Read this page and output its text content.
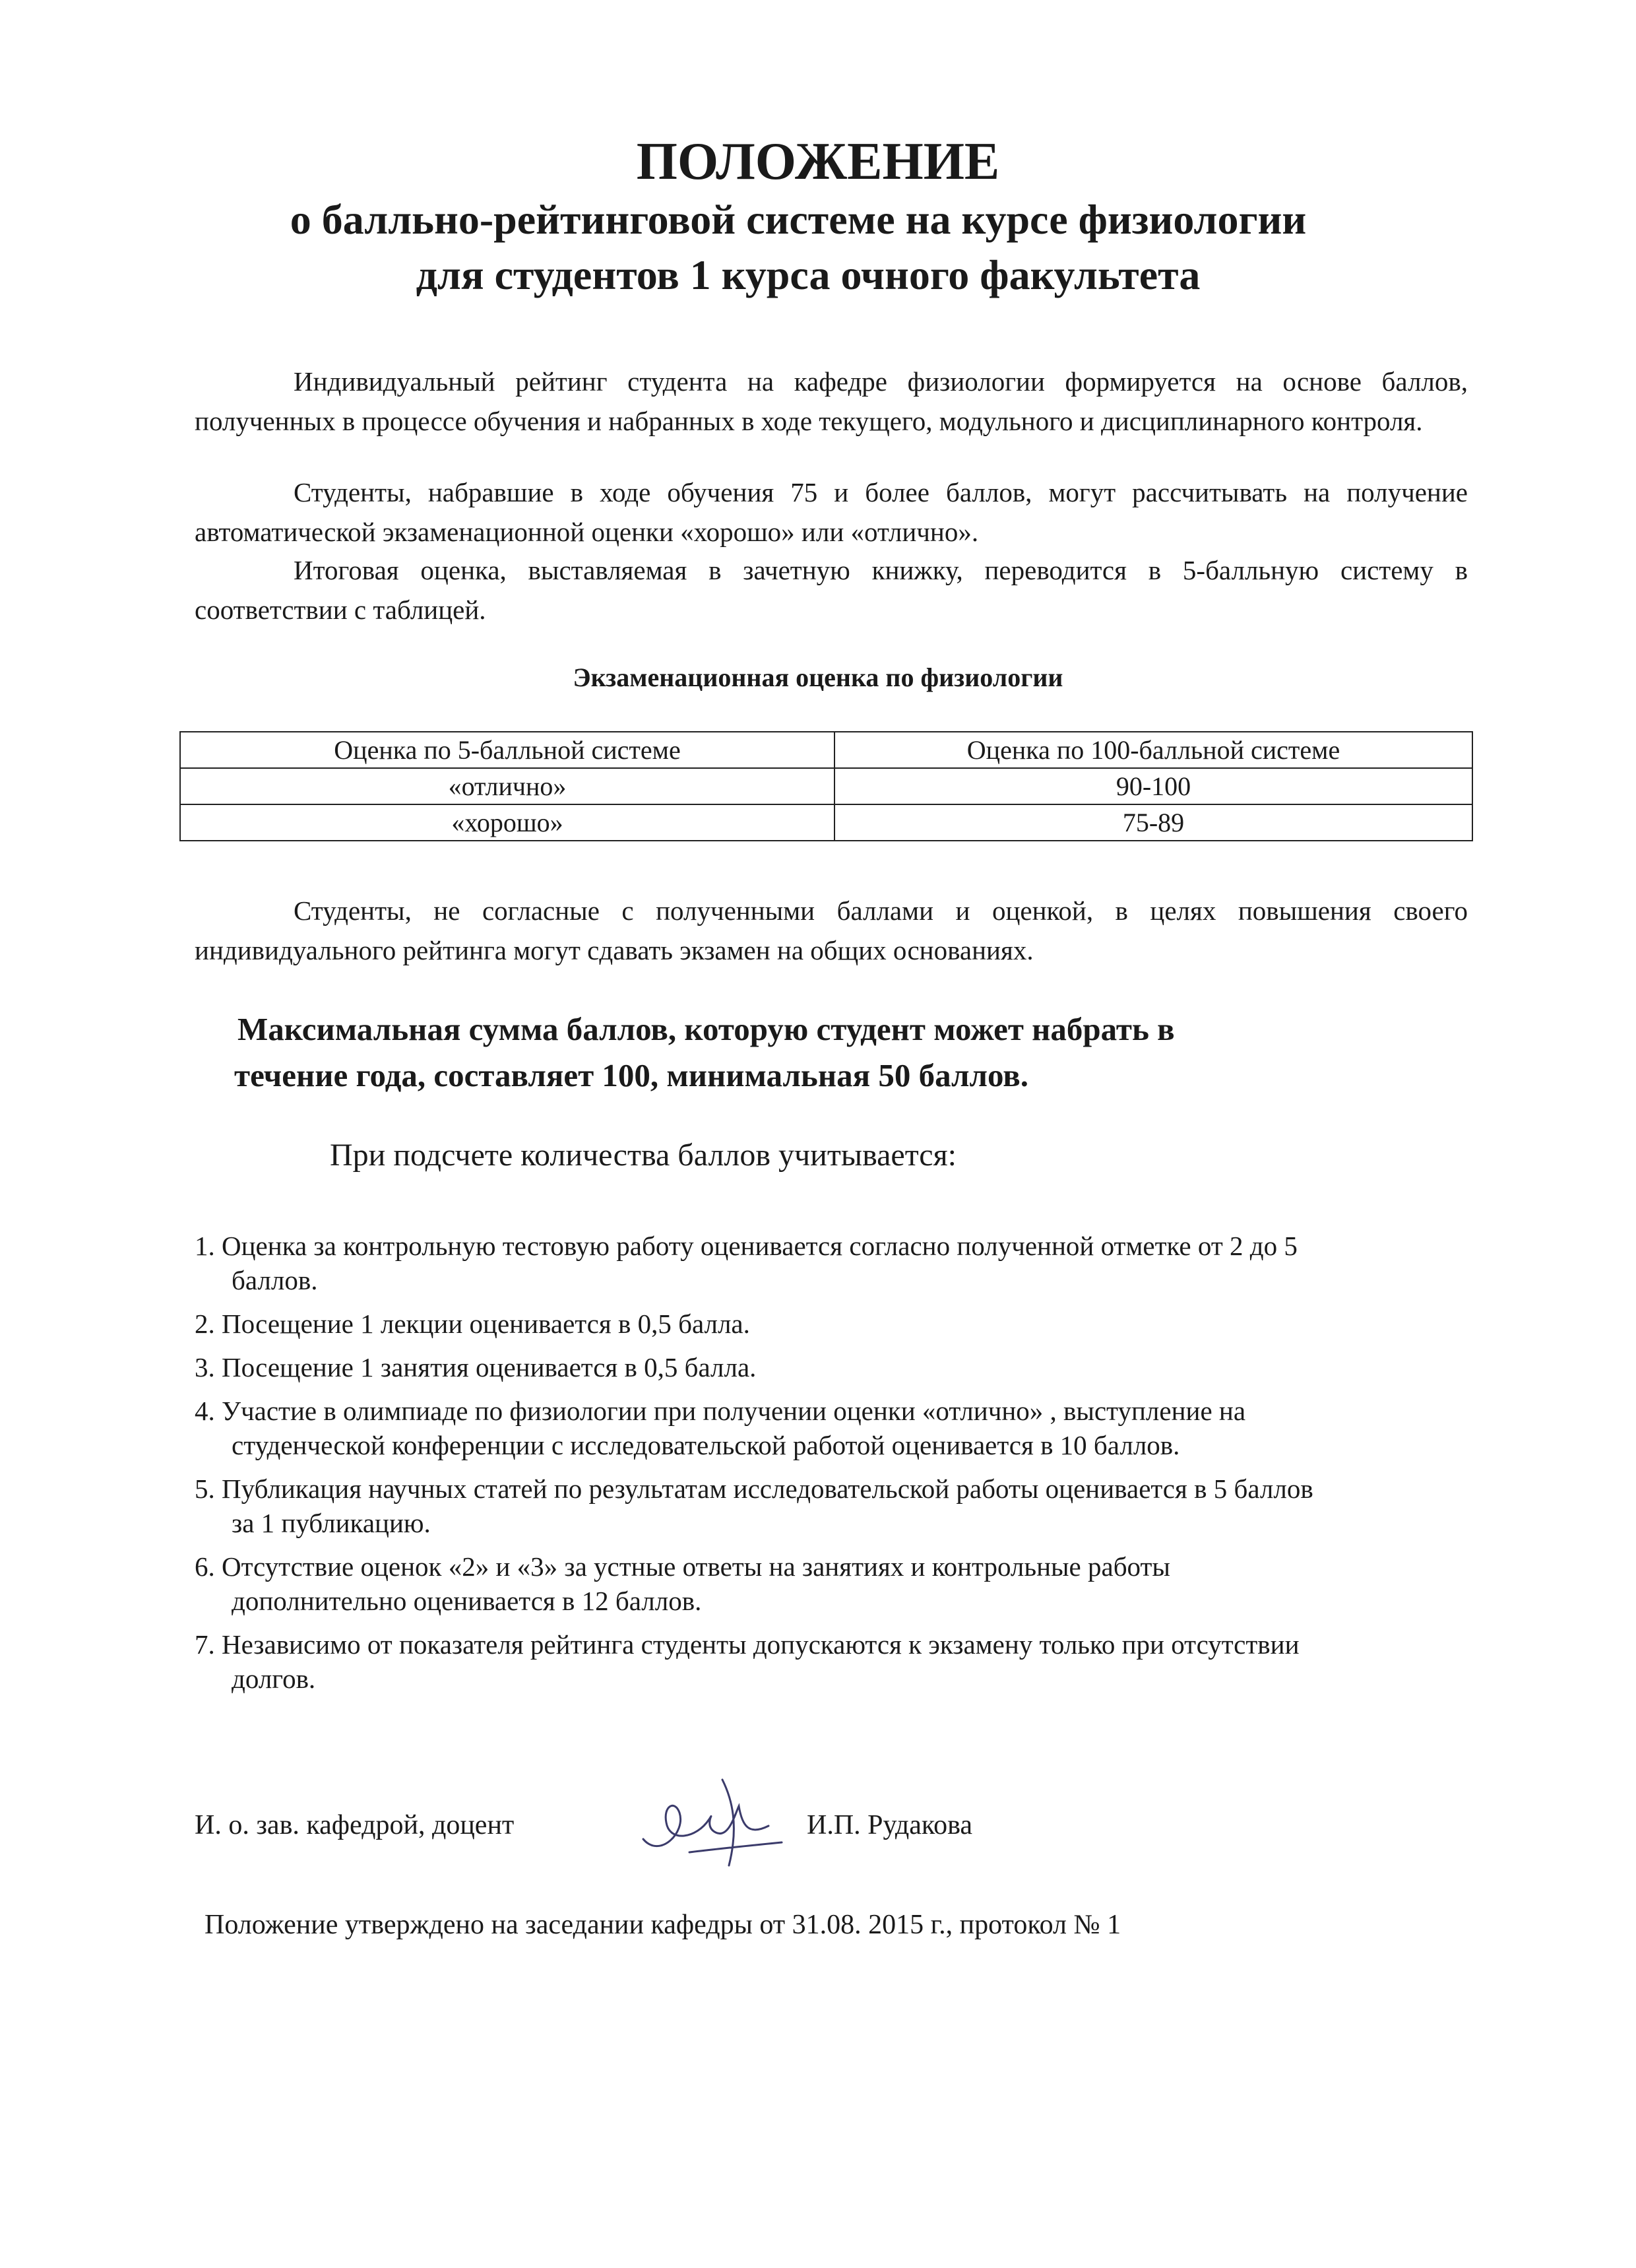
ПОЛОЖЕНИЕ
о балльно-рейтинговой системе на курсе физиологии
для студентов 1 курса очного факультета

Индивидуальный рейтинг студента на кафедре физиологии формируется на основе баллов, полученных в процессе обучения и набранных в ходе текущего, модульного и дисциплинарного контроля.

Студенты, набравшие в ходе обучения 75 и более баллов, могут рассчитывать на получение автоматической экзаменационной оценки «хорошо» или «отлично».

Итоговая оценка, выставляемая в зачетную книжку, переводится в 5-балльную систему в соответствии с таблицей.

Экзаменационная оценка по физиологии

Оценка по 5-балльной системе	Оценка по 100-балльной системе
«отлично»	90-100
«хорошо»	75-89

Студенты, не согласные с полученными баллами и оценкой, в целях повышения своего индивидуального рейтинга могут сдавать экзамен на общих основаниях.

Максимальная сумма баллов, которую студент может набрать в
течение года, составляет 100, минимальная 50 баллов.

При подсчете количества баллов учитывается:

1. Оценка за контрольную тестовую работу оценивается согласно полученной отметке от 2 до 5 баллов.
2. Посещение 1 лекции оценивается в 0,5 балла.
3. Посещение 1 занятия оценивается в 0,5 балла.
4. Участие в олимпиаде по физиологии при получении оценки «отлично» , выступление на студенческой конференции с исследовательской работой оценивается в 10 баллов.
5. Публикация научных статей по результатам исследовательской работы оценивается в 5 баллов за 1 публикацию.
6. Отсутствие оценок «2» и «3» за устные ответы на занятиях и контрольные работы дополнительно оценивается в 12 баллов.
7. Независимо от показателя рейтинга студенты допускаются к экзамену только при отсутствии долгов.
И. о. зав. кафедрой, доцент	И.П. Рудакова

Положение утверждено на заседании кафедры от 31.08. 2015 г., протокол № 1
